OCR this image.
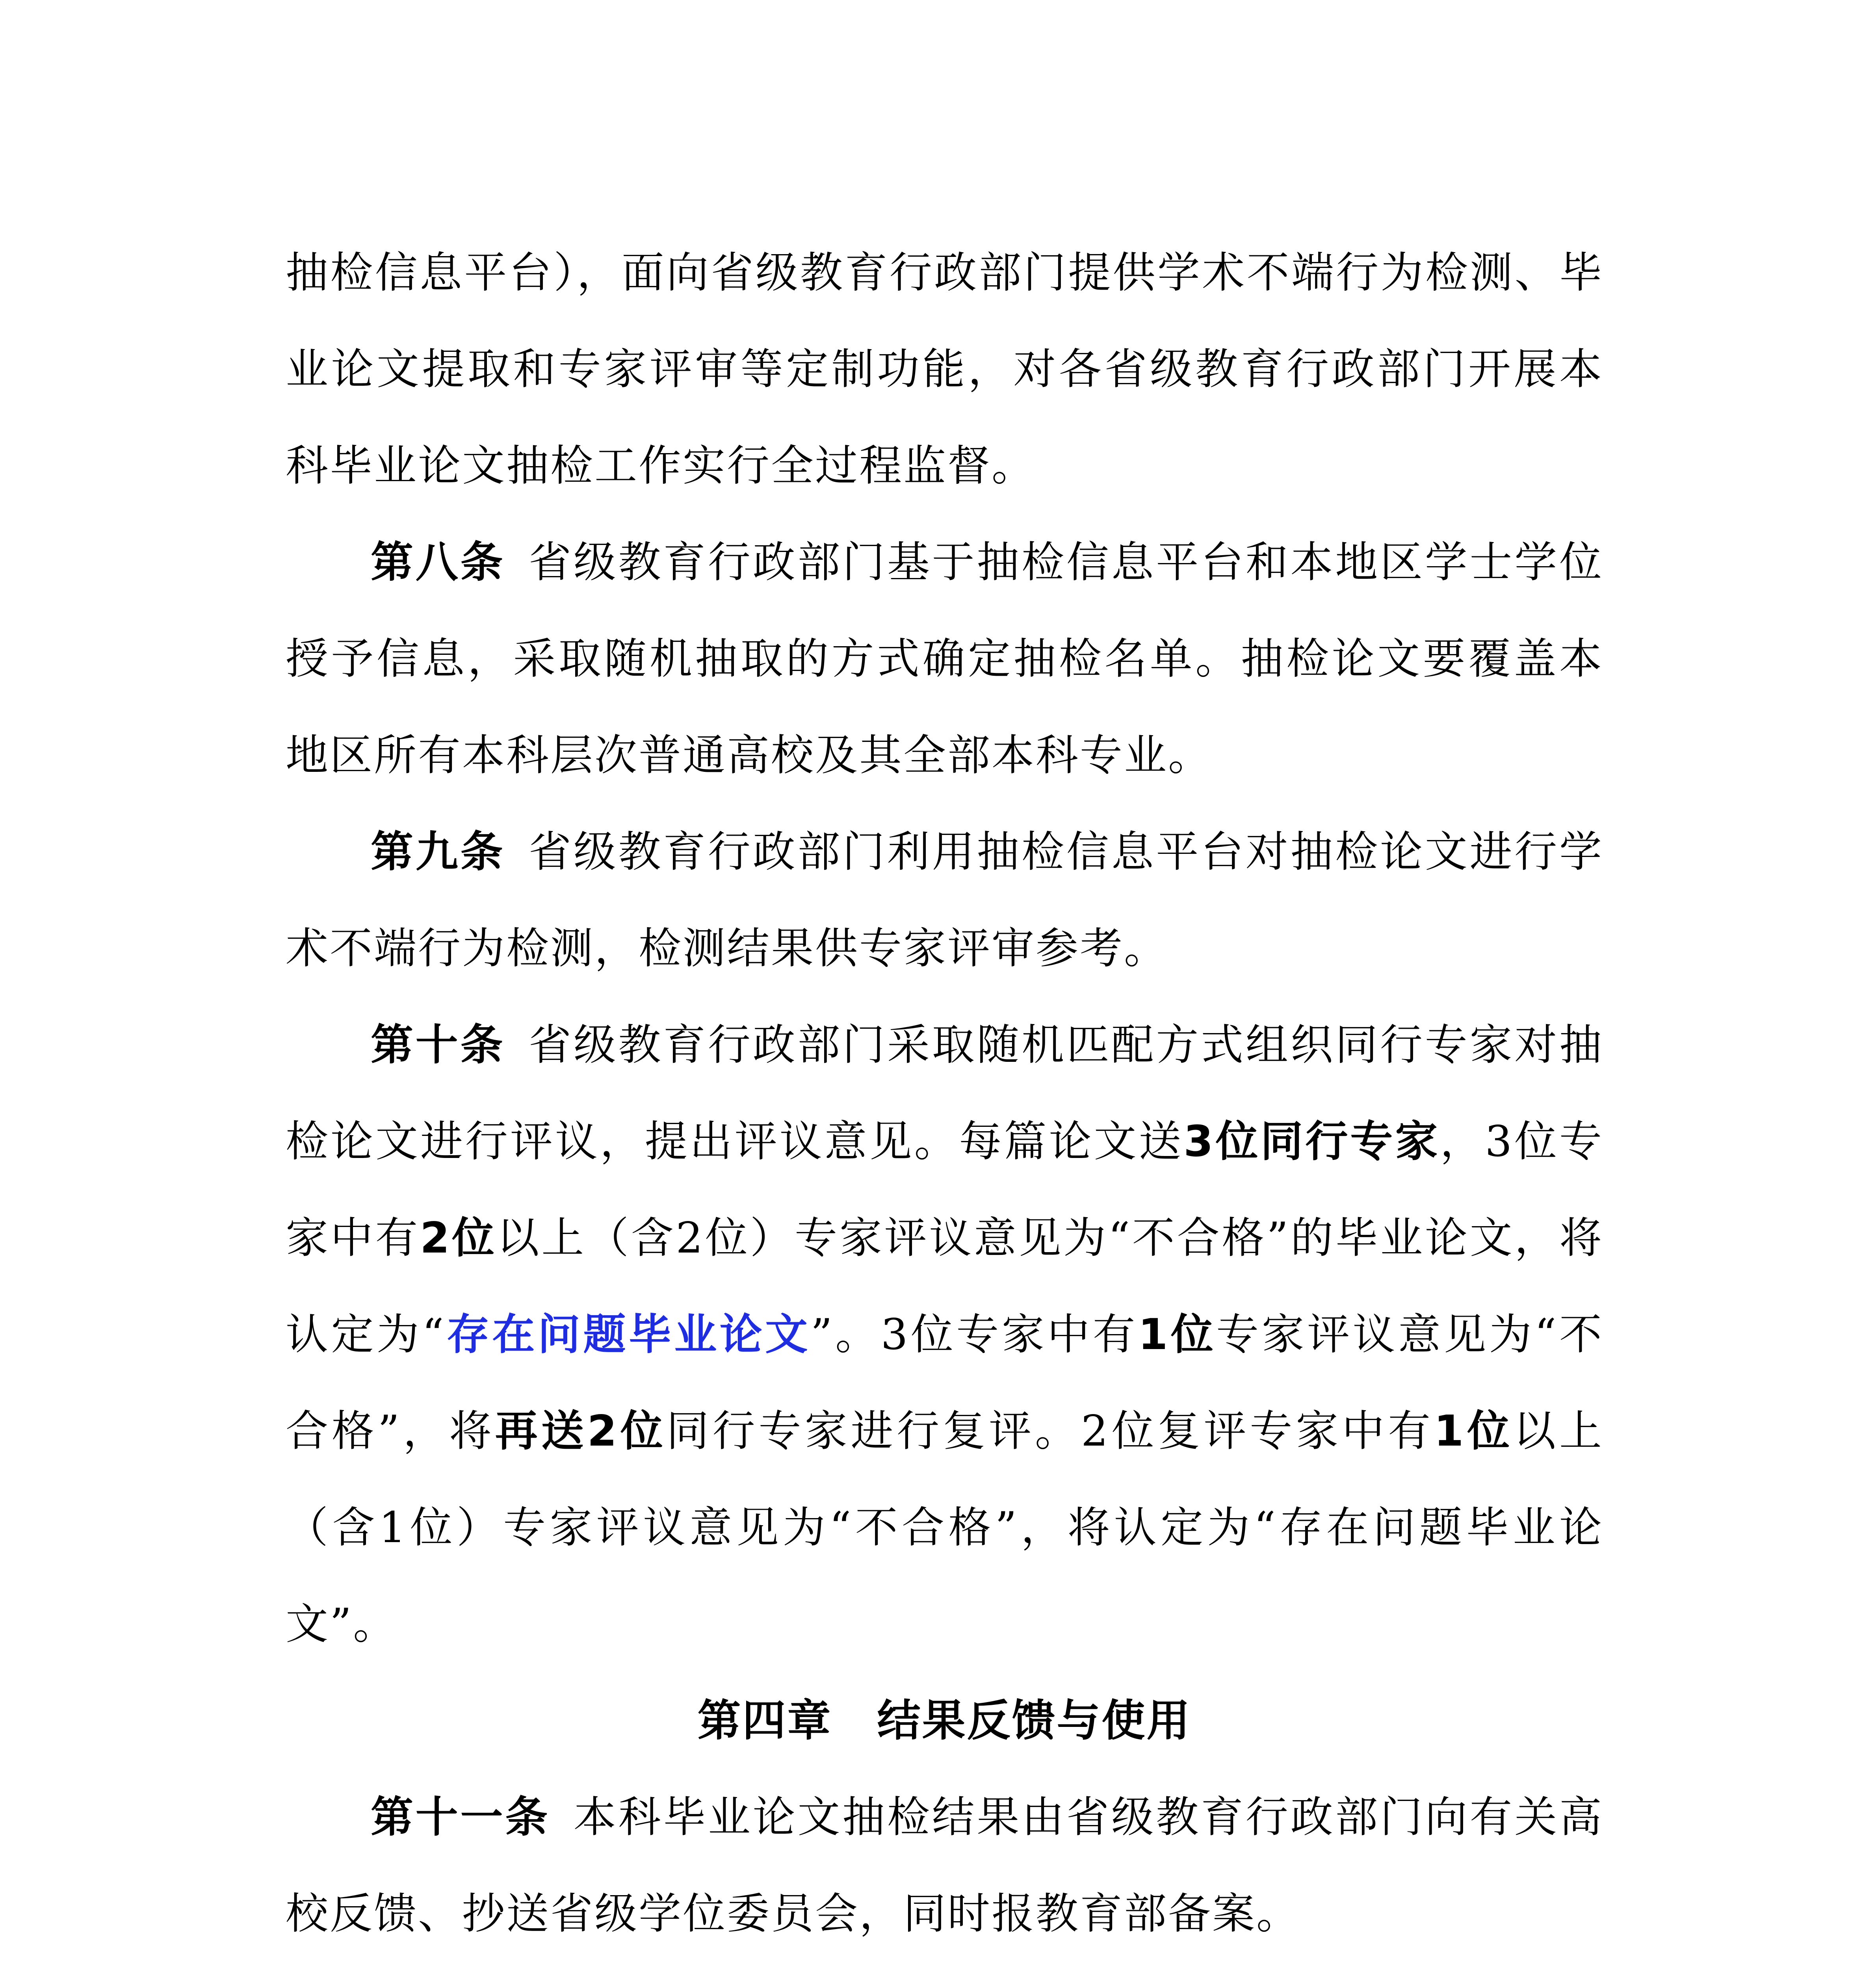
抽检信息平台），面向省级教育行政部门提供学术不端行为检测、毕业论文提取和专家评审等定制功能，对各省级教育行政部门开展本科毕业论文抽检工作实行全过程监督。

第八条  省级教育行政部门基于抽检信息平台和本地区学士学位授予信息，采取随机抽取的方式确定抽检名单。抽检论文要覆盖本地区所有本科层次普通高校及其全部本科专业。

第九条  省级教育行政部门利用抽检信息平台对抽检论文进行学术不端行为检测，检测结果供专家评审参考。

第十条  省级教育行政部门采取随机匹配方式组织同行专家对抽检论文进行评议，提出评议意见。每篇论文送3位同行专家，3位专家中有2位以上（含2位）专家评议意见为“不合格”的毕业论文，将认定为“存在问题毕业论文”。3位专家中有1位专家评议意见为“不合格”，将再送2位同行专家进行复评。2位复评专家中有1位以上（含1位）专家评议意见为“不合格”，将认定为“存在问题毕业论文”。

第四章　结果反馈与使用

第十一条  本科毕业论文抽检结果由省级教育行政部门向有关高校反馈、抄送省级学位委员会，同时报教育部备案。
